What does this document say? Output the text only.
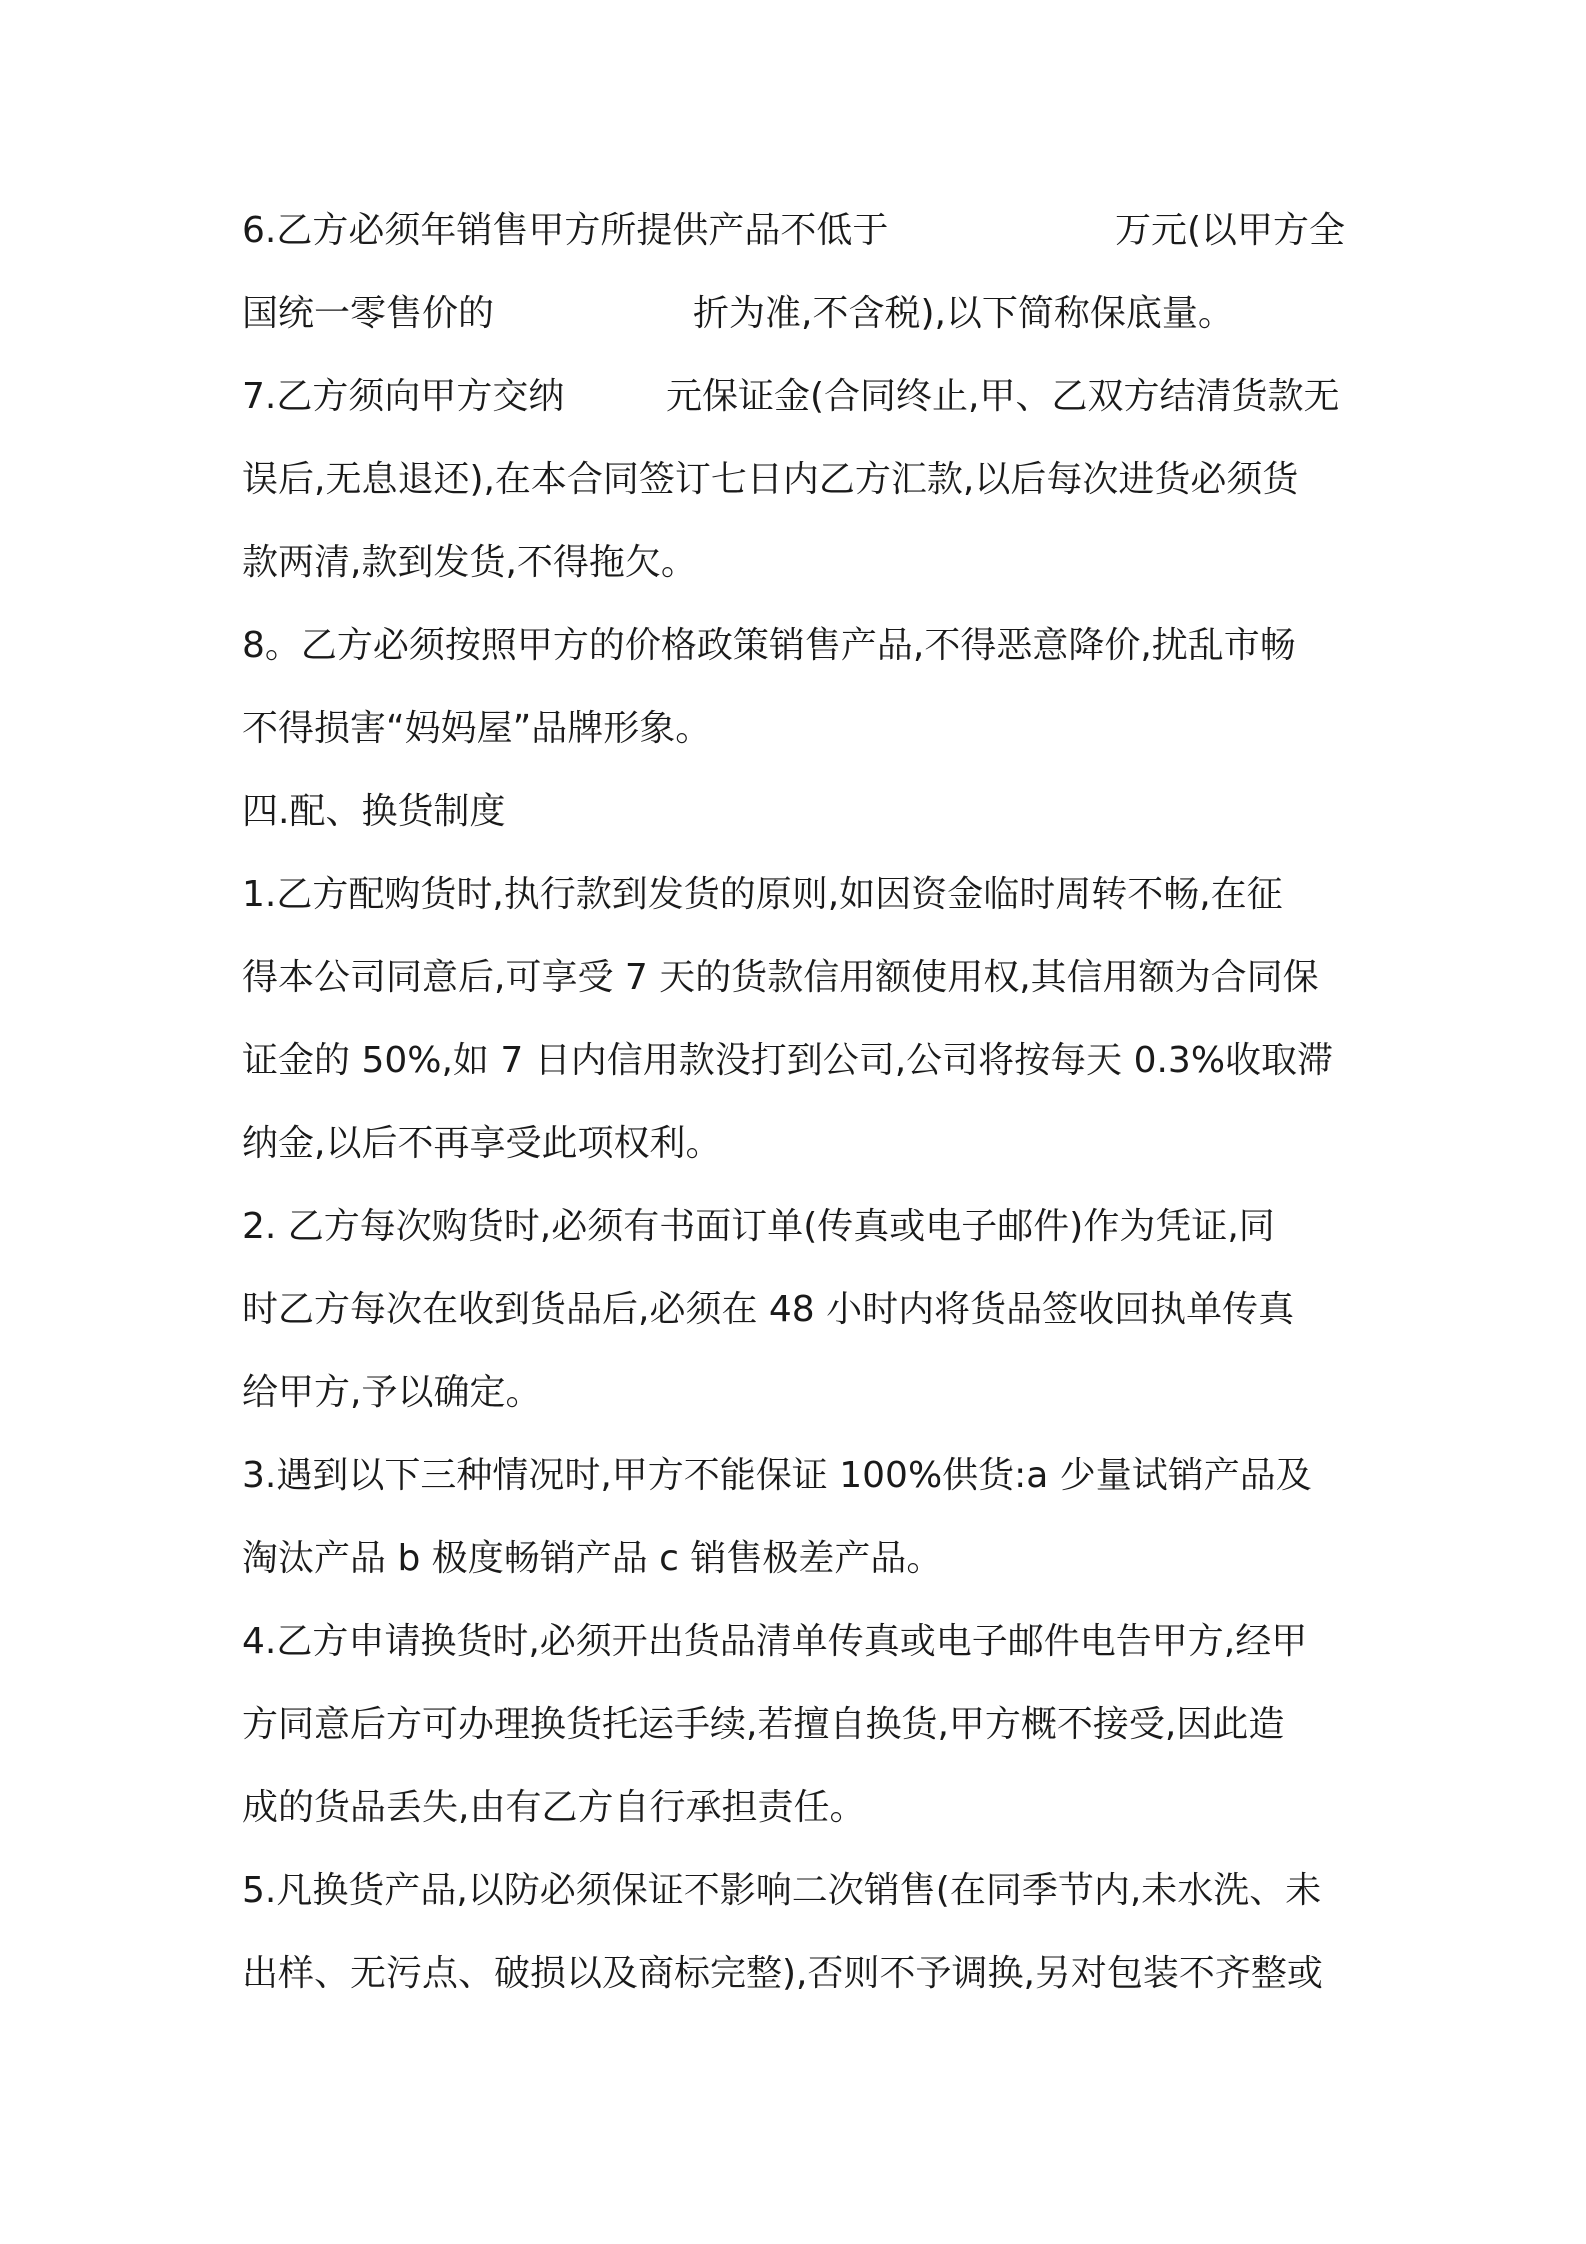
6.乙方必须年销售甲方所提供产品不低于	万元(以甲方全
国统一零售价的	折为准,不含税),以下简称保底量。
7.乙方须向甲方交纳	元保证金(合同终止,甲、乙双方结清货款无
误后,无息退还),在本合同签订七日内乙方汇款,以后每次进货必须货
款两清,款到发货,不得拖欠。
8。乙方必须按照甲方的价格政策销售产品,不得恶意降价,扰乱市畅
不得损害“妈妈屋”品牌形象。
四.配、换货制度
1.乙方配购货时,执行款到发货的原则,如因资金临时周转不畅,在征
得本公司同意后,可享受 7 天的货款信用额使用权,其信用额为合同保
证金的 50%,如 7 日内信用款没打到公司,公司将按每天 0.3%收取滞
纳金,以后不再享受此项权利。
2. 乙方每次购货时,必须有书面订单(传真或电子邮件)作为凭证,同
时乙方每次在收到货品后,必须在 48 小时内将货品签收回执单传真
给甲方,予以确定。
3.遇到以下三种情况时,甲方不能保证 100%供货:a 少量试销产品及
淘汰产品 b 极度畅销产品 c 销售极差产品。
4.乙方申请换货时,必须开出货品清单传真或电子邮件电告甲方,经甲
方同意后方可办理换货托运手续,若擅自换货,甲方概不接受,因此造
成的货品丢失,由有乙方自行承担责任。
5.凡换货产品,以防必须保证不影响二次销售(在同季节内,未水洗、未
出样、无污点、破损以及商标完整),否则不予调换,另对包装不齐整或
